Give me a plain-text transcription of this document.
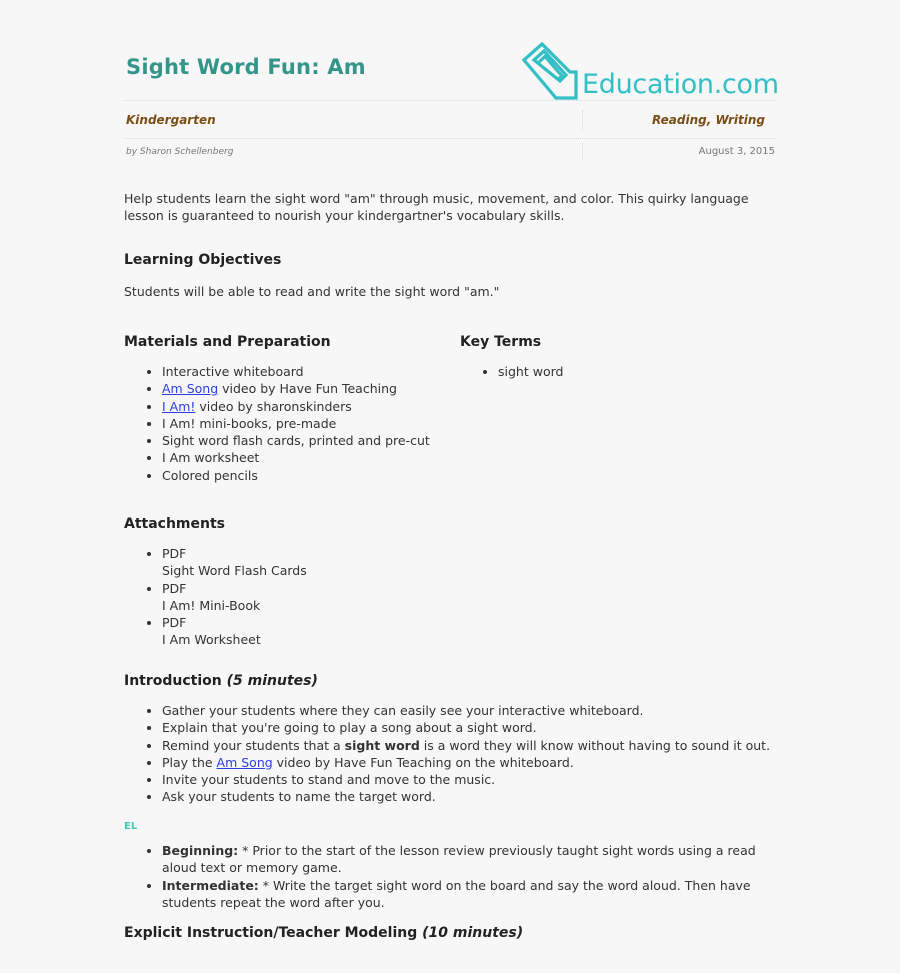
Sight Word Fun: Am
Education.com
Kindergarten	Reading, Writing
by Sharon Schellenberg	August 3, 2015

Help students learn the sight word "am" through music, movement, and color. This quirky language lesson is guaranteed to nourish your kindergartner's vocabulary skills.

Learning Objectives
Students will be able to read and write the sight word "am."
Materials and Preparation
• Interactive whiteboard
• Am Song video by Have Fun Teaching
• I Am! video by sharonskinders
• I Am! mini-books, pre-made
• Sight word flash cards, printed and pre-cut
• I Am worksheet
• Colored pencils
Key Terms
• sight word
Attachments
• PDF
Sight Word Flash Cards
• PDF
I Am! Mini-Book
• PDF
I Am Worksheet
Introduction (5 minutes)
• Gather your students where they can easily see your interactive whiteboard.
• Explain that you're going to play a song about a sight word.
• Remind your students that a sight word is a word they will know without having to sound it out.
• Play the Am Song video by Have Fun Teaching on the whiteboard.
• Invite your students to stand and move to the music.
• Ask your students to name the target word.
EL
• Beginning: * Prior to the start of the lesson review previously taught sight words using a read aloud text or memory game.
• Intermediate: * Write the target sight word on the board and say the word aloud. Then have students repeat the word after you.
Explicit Instruction/Teacher Modeling (10 minutes)
